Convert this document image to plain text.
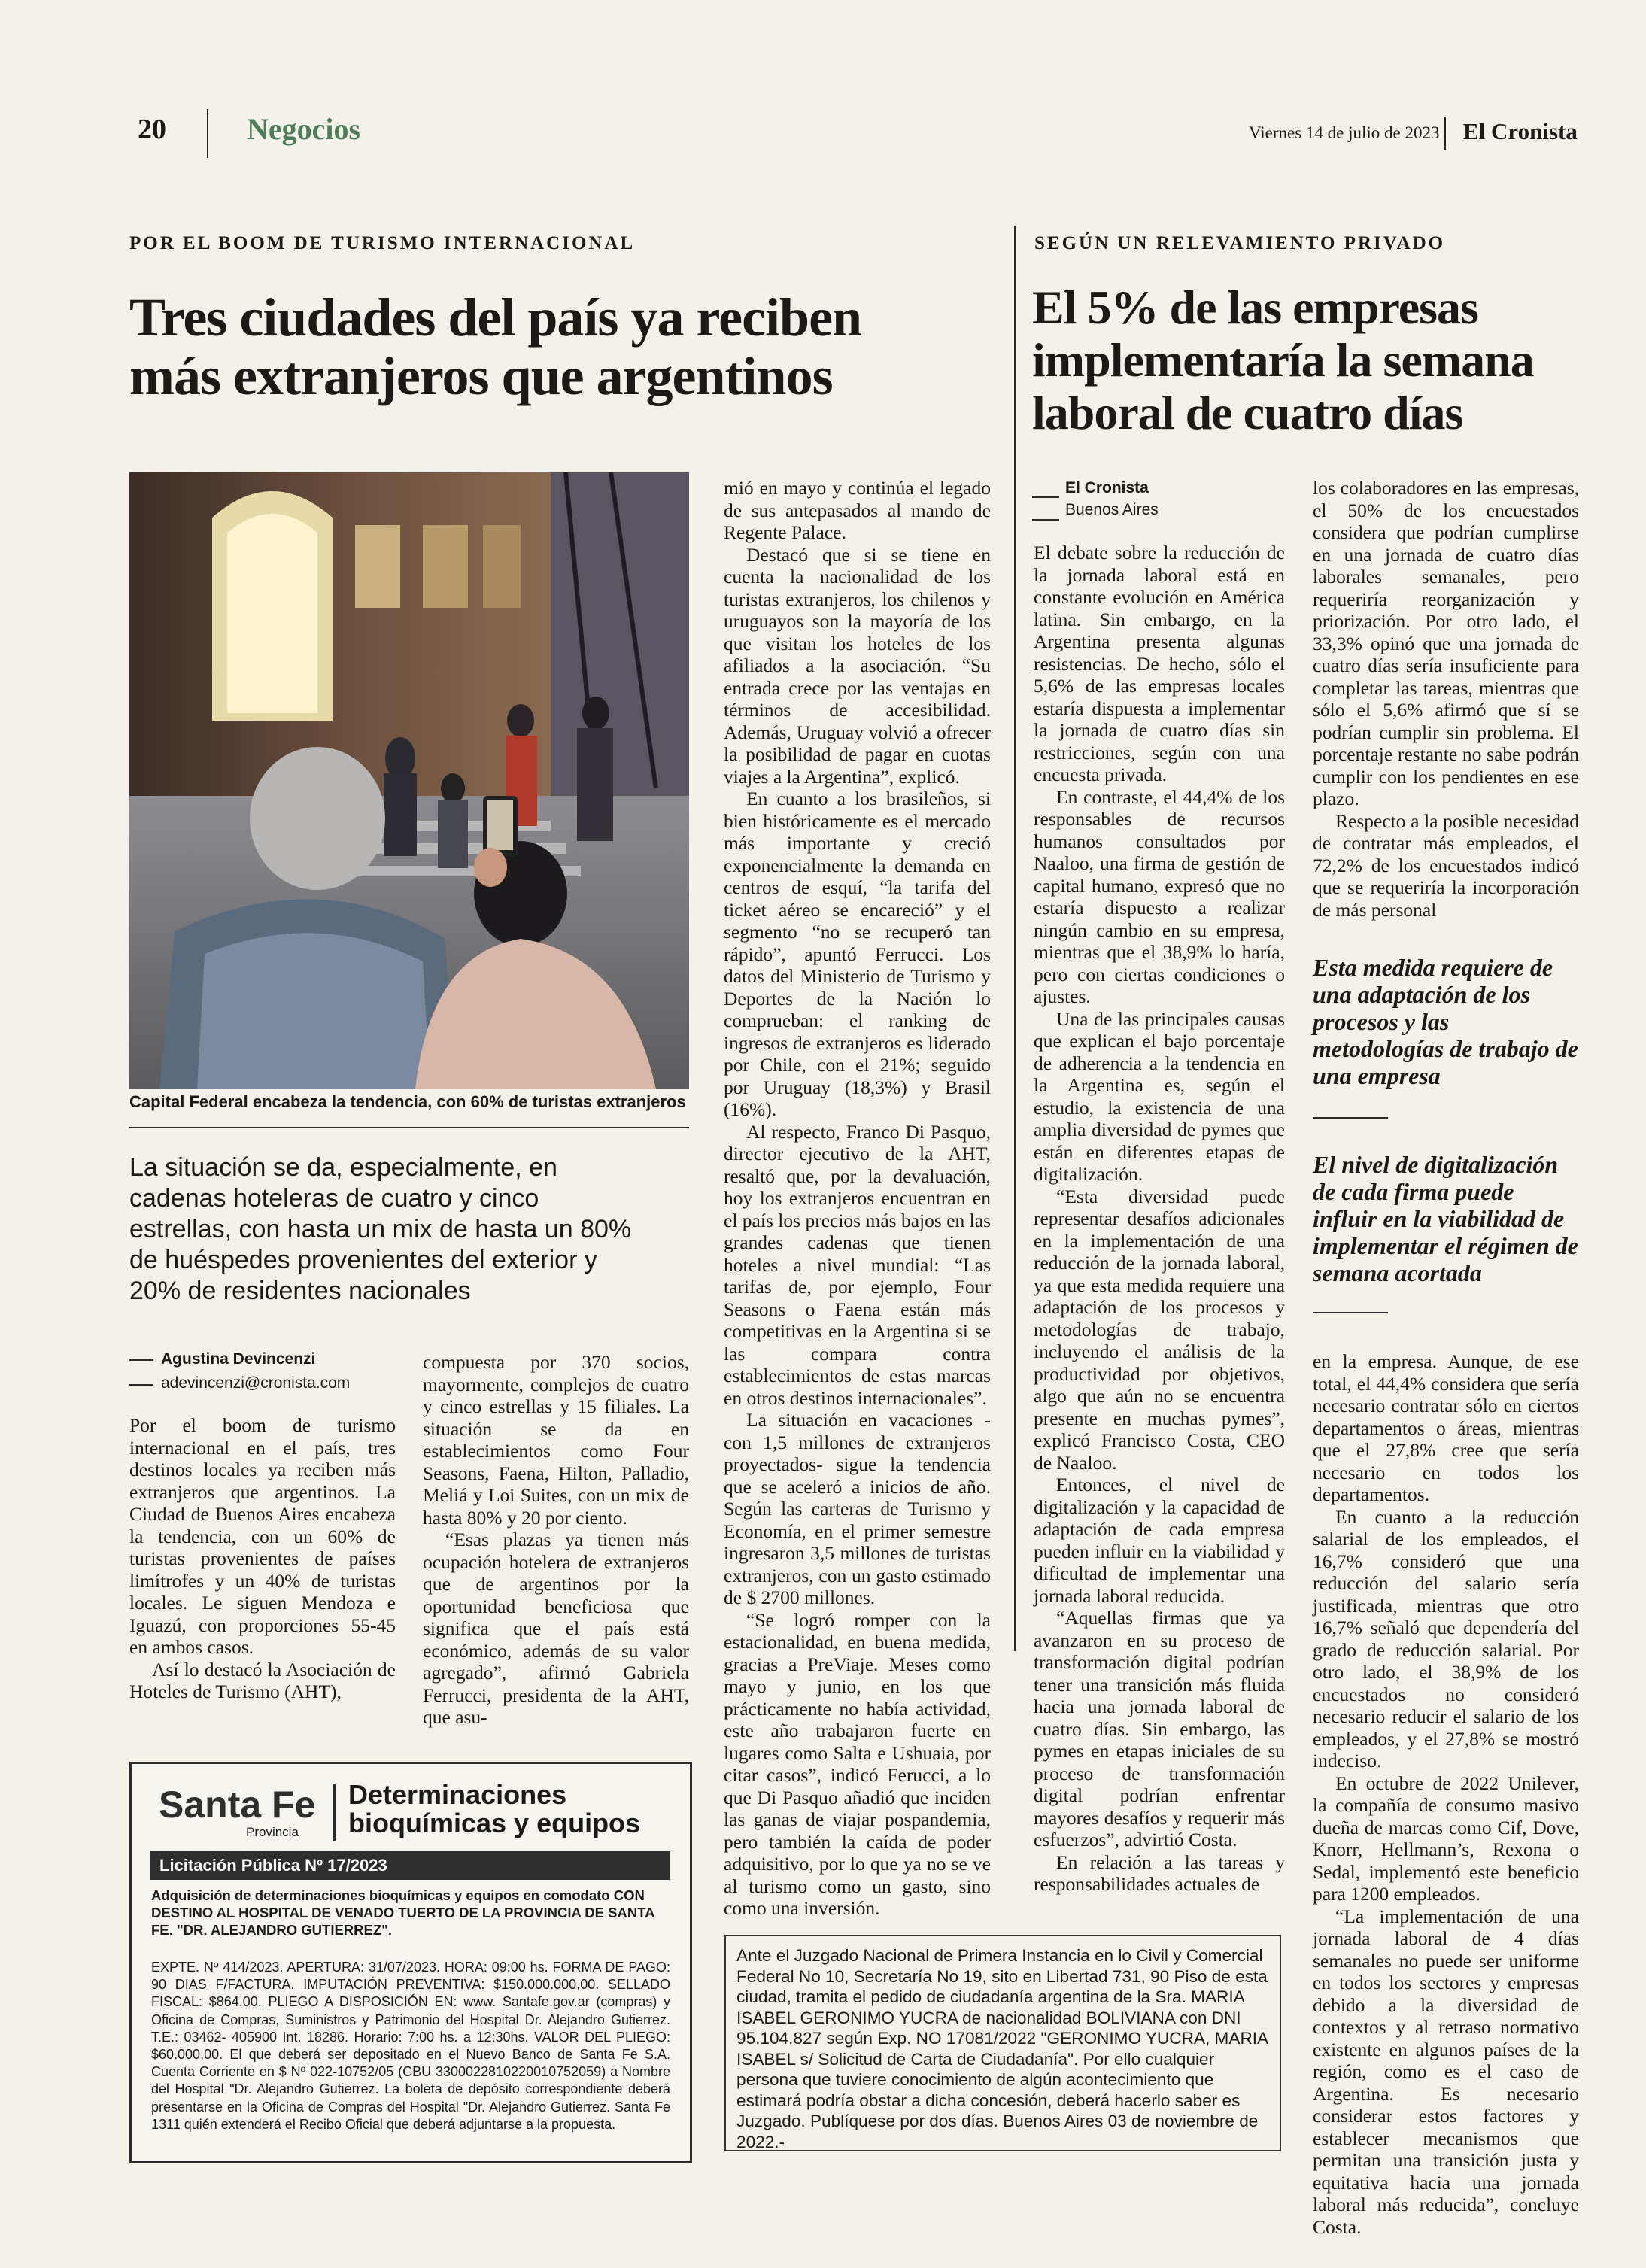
20	Negocios	Viernes 14 de julio de 2023 El Cronista
POR EL BOOM DE TURISMO INTERNACIONAL
Tres ciudades del país ya reciben
más extranjeros que argentinos
Capital Federal encabeza la tendencia, con 60% de turistas extranjeros
La situación se da, especialmente, en cadenas hoteleras de cuatro y cinco estrellas, con hasta un mix de hasta un 80% de huéspedes provenientes del exterior y 20% de residentes nacionales
Agustina Devincenzi
adevincenzi@cronista.com

Por el boom de turismo internacional en el país, tres destinos locales ya reciben más extranjeros que argentinos. La Ciudad de Buenos Aires encabeza la tendencia, con un 60% de turistas provenientes de países limítrofes y un 40% de turistas locales. Le siguen Mendoza e Iguazú, con proporciones 55-45 en ambos casos.

Así lo destacó la Asociación de Hoteles de Turismo (AHT),

compuesta por 370 socios, mayormente, complejos de cuatro y cinco estrellas y 15 filiales. La situación se da en establecimientos como Four Seasons, Faena, Hilton, Palladio, Meliá y Loi Suites, con un mix de hasta 80% y 20 por ciento.

“Esas plazas ya tienen más ocupación hotelera de extranjeros que de argentinos por la oportunidad beneficiosa que significa que el país está económico, además de su valor agregado”, afirmó Gabriela Ferrucci, presidenta de la AHT, que asu-

mió en mayo y continúa el legado de sus antepasados al mando de Regente Palace.

Destacó que si se tiene en cuenta la nacionalidad de los turistas extranjeros, los chilenos y uruguayos son la mayoría de los que visitan los hoteles de los afiliados a la asociación. “Su entrada crece por las ventajas en términos de accesibilidad. Además, Uruguay volvió a ofrecer la posibilidad de pagar en cuotas viajes a la Argentina”, explicó.

En cuanto a los brasileños, si bien históricamente es el mercado más importante y creció exponencialmente la demanda en centros de esquí, “la tarifa del ticket aéreo se encareció” y el segmento “no se recuperó tan rápido”, apuntó Ferrucci. Los datos del Ministerio de Turismo y Deportes de la Nación lo comprueban: el ranking de ingresos de extranjeros es liderado por Chile, con el 21%; seguido por Uruguay (18,3%) y Brasil (16%).

Al respecto, Franco Di Pasquo, director ejecutivo de la AHT, resaltó que, por la devaluación, hoy los extranjeros encuentran en el país los precios más bajos en las grandes cadenas que tienen hoteles a nivel mundial: “Las tarifas de, por ejemplo, Four Seasons o Faena están más competitivas en la Argentina si se las compara contra establecimientos de estas marcas en otros destinos internacionales”.

La situación en vacaciones -con 1,5 millones de extranjeros proyectados- sigue la tendencia que se aceleró a inicios de año. Según las carteras de Turismo y Economía, en el primer semestre ingresaron 3,5 millones de turistas extranjeros, con un gasto estimado de $ 2700 millones.

“Se logró romper con la estacionalidad, en buena medida, gracias a PreViaje. Meses como mayo y junio, en los que prácticamente no había actividad, este año trabajaron fuerte en lugares como Salta e Ushuaia, por citar casos”, indicó Ferucci, a lo que Di Pasquo añadió que inciden las ganas de viajar pospandemia, pero también la caída de poder adquisitivo, por lo que ya no se ve al turismo como un gasto, sino como una inversión.

SEGÚN UN RELEVAMIENTO PRIVADO
El 5% de las empresas
implementaría la semana
laboral de cuatro días
El Cronista
Buenos Aires

El debate sobre la reducción de la jornada laboral está en constante evolución en América latina. Sin embargo, en la Argentina presenta algunas resistencias. De hecho, sólo el 5,6% de las empresas locales estaría dispuesta a implementar la jornada de cuatro días sin restricciones, según con una encuesta privada.

En contraste, el 44,4% de los responsables de recursos humanos consultados por Naaloo, una firma de gestión de capital humano, expresó que no estaría dispuesto a realizar ningún cambio en su empresa, mientras que el 38,9% lo haría, pero con ciertas condiciones o ajustes.

Una de las principales causas que explican el bajo porcentaje de adherencia a la tendencia en la Argentina es, según el estudio, la existencia de una amplia diversidad de pymes que están en diferentes etapas de digitalización.

“Esta diversidad puede representar desafíos adicionales en la implementación de una reducción de la jornada laboral, ya que esta medida requiere una adaptación de los procesos y metodologías de trabajo, incluyendo el análisis de la productividad por objetivos, algo que aún no se encuentra presente en muchas pymes”, explicó Francisco Costa, CEO de Naaloo.

Entonces, el nivel de digitalización y la capacidad de adaptación de cada empresa pueden influir en la viabilidad y dificultad de implementar una jornada laboral reducida.

“Aquellas firmas que ya avanzaron en su proceso de transformación digital podrían tener una transición más fluida hacia una jornada laboral de cuatro días. Sin embargo, las pymes en etapas iniciales de su proceso de transformación digital podrían enfrentar mayores desafíos y requerir más esfuerzos”, advirtió Costa.

En relación a las tareas y responsabilidades actuales de

los colaboradores en las empresas, el 50% de los encuestados considera que podrían cumplirse en una jornada de cuatro días laborales semanales, pero requeriría reorganización y priorización. Por otro lado, el 33,3% opinó que una jornada de cuatro días sería insuficiente para completar las tareas, mientras que sólo el 5,6% afirmó que sí se podrían cumplir sin problema. El porcentaje restante no sabe podrán cumplir con los pendientes en ese plazo.

Respecto a la posible necesidad de contratar más empleados, el 72,2% de los encuestados indicó que se requeriría la incorporación de más personal

Esta medida requiere de una adaptación de los procesos y las metodologías de trabajo de una empresa
El nivel de digitalización de cada firma puede influir en la viabilidad de implementar el régimen de semana acortada

en la empresa. Aunque, de ese total, el 44,4% considera que sería necesario contratar sólo en ciertos departamentos o áreas, mientras que el 27,8% cree que sería necesario en todos los departamentos.

En cuanto a la reducción salarial de los empleados, el 16,7% consideró que una reducción del salario sería justificada, mientras que otro 16,7% señaló que dependería del grado de reducción salarial. Por otro lado, el 38,9% de los encuestados no consideró necesario reducir el salario de los empleados, y el 27,8% se mostró indeciso.

En octubre de 2022 Unilever, la compañía de consumo masivo dueña de marcas como Cif, Dove, Knorr, Hellmann’s, Rexona o Sedal, implementó este beneficio para 1200 empleados.

“La implementación de una jornada laboral de 4 días semanales no puede ser uniforme en todos los sectores y empresas debido a la diversidad de contextos y al retraso normativo existente en algunos países de la región, como es el caso de Argentina. Es necesario considerar estos factores y establecer mecanismos que permitan una transición justa y equitativa hacia una jornada laboral más reducida”, concluye Costa.

Santa Fe
Provincia
Determinaciones
bioquímicas y equipos
Licitación Pública Nº 17/2023
Adquisición de determinaciones bioquímicas y equipos en comodato CON DESTINO AL HOSPITAL DE VENADO TUERTO DE LA PROVINCIA DE SANTA FE. "DR. ALEJANDRO GUTIERREZ".
EXPTE. Nº 414/2023. APERTURA: 31/07/2023. HORA: 09:00 hs. FORMA DE PAGO: 90 DIAS F/FACTURA. IMPUTACIÓN PREVENTIVA: $150.000.000,00. SELLADO FISCAL: $864.00. PLIEGO A DISPOSICIÓN EN: www. Santafe.gov.ar (compras) y Oficina de Compras, Suministros y Patrimonio del Hospital Dr. Alejandro Gutierrez. T.E.: 03462- 405900 Int. 18286. Horario: 7:00 hs. a 12:30hs. VALOR DEL PLIEGO: $60.000,00. El que deberá ser depositado en el Nuevo Banco de Santa Fe S.A. Cuenta Corriente en $ Nº 022-10752/05 (CBU 3300022810220010752059) a Nombre del Hospital "Dr. Alejandro Gutierrez. La boleta de depósito correspondiente deberá presentarse en la Oficina de Compras del Hospital "Dr. Alejandro Gutierrez. Santa Fe 1311 quién extenderá el Recibo Oficial que deberá adjuntarse a la propuesta.
Ante el Juzgado Nacional de Primera Instancia en lo Civil y Comercial Federal No 10, Secretaría No 19, sito en Libertad 731, 90 Piso de esta ciudad, tramita el pedido de ciudadanía argentina de la Sra. MARIA ISABEL GERONIMO YUCRA de nacionalidad BOLIVIANA con DNI 95.104.827 según Exp. NO 17081/2022 "GERONIMO YUCRA, MARIA ISABEL s/ Solicitud de Carta de Ciudadanía". Por ello cualquier persona que tuviere conocimiento de algún acontecimiento que estimará podría obstar a dicha concesión, deberá hacerlo saber es Juzgado. Publíquese por dos días. Buenos Aires 03 de noviembre de 2022.-
